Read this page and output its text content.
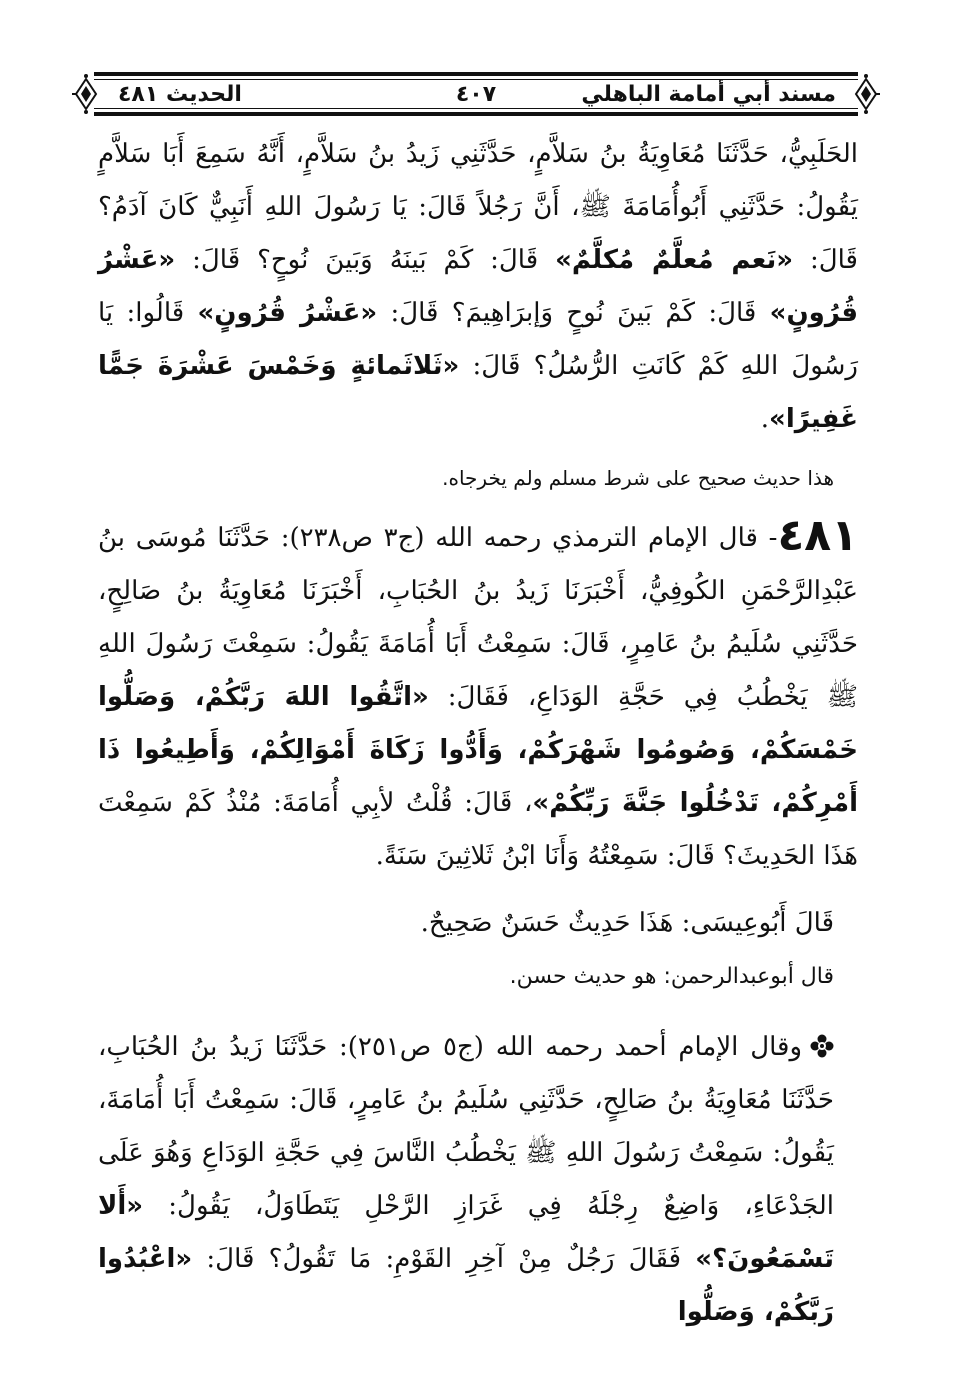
مسند أبي أمامة الباهلي
٤٠٧
الحديث ٤٨١

الحَلَبِيُّ، حَدَّثَنَا مُعَاوِيَةُ بنُ سَلاَّمٍ، حَدَّثَنِي زَيدُ بنُ سَلاَّمٍ، أَنَّهُ سَمِعَ أَبَا سَلاَّمٍ يَقُولُ: حَدَّثَنِي أَبُوأُمَامَةَ ﷺ، أَنَّ رَجُلاً قَالَ: يَا رَسُولَ اللهِ أَنَبِيٌّ كَانَ آدَمُ؟ قَالَ: «نَعم مُعلَّمٌ مُكلَّمٌ» قَالَ: كَمْ بَينَهُ وَبَينَ نُوحٍ؟ قَالَ: «عَشْرُ قُرُونٍ» قَالَ: كَمْ بَينَ نُوحٍ وَإبرَاهِيمَ؟ قَالَ: «عَشْرُ قُرُونٍ» قَالُوا: يَا رَسُولَ اللهِ كَمْ كَانَتِ الرُّسُلُ؟ قَالَ: «ثَلاثَمائةٍ وَخَمْسَ عَشْرَةَ جَمًّا غَفِيرًا».

هذا حديث صحيح على شرط مسلم ولم يخرجاه.

٤٨١- قال الإمام الترمذي رحمه الله (ج٣ ص٢٣٨): حَدَّثَنَا مُوسَى بنُ عَبْدِالرَّحْمَنِ الكُوفِيُّ، أَخْبَرَنَا زَيدُ بنُ الحُبَابِ، أَخْبَرَنَا مُعَاوِيَةُ بنُ صَالِحٍ، حَدَّثَنِي سُلَيمُ بنُ عَامِرٍ، قَالَ: سَمِعْتُ أَبَا أُمَامَةَ يَقُولُ: سَمِعْتَ رَسُولَ اللهِ ﷺ يَخْطُبُ فِي حَجَّةِ الوَدَاعِ، فَقَالَ: «اتَّقُوا اللهَ رَبَّكُمْ، وَصَلُّوا خَمْسَكُمْ، وَصُومُوا شَهْرَكُمْ، وَأَدُّوا زَكَاةَ أَمْوَالِكُمْ، وَأَطِيعُوا ذَا أَمْرِكُمْ، تَدْخُلُوا جَنَّةَ رَبِّكُمْ»، قَالَ: قُلْتُ لأبِي أُمَامَةَ: مُنْذُ كَمْ سَمِعْتَ هَذَا الحَدِيثَ؟ قَالَ: سَمِعْتُهُ وَأَنَا ابْنُ ثَلاثِينَ سَنَةً.

قَالَ أَبُوعِيسَى: هَذَا حَدِيثٌ حَسَنٌ صَحِيحٌ.

قال أبوعبدالرحمن: هو حديث حسن.

وقال الإمام أحمد رحمه الله (ج٥ ص٢٥١): حَدَّثَنَا زَيدُ بنُ الحُبَابِ، حَدَّثَنَا مُعَاوِيَةُ بنُ صَالِحٍ، حَدَّثَنِي سُلَيمُ بنُ عَامِرٍ، قَالَ: سَمِعْتُ أَبَا أُمَامَةَ، يَقُولُ: سَمِعْتُ رَسُولَ اللهِ ﷺ يَخْطُبُ النَّاسَ فِي حَجَّةِ الوَدَاعِ وَهُوَ عَلَى الجَدْعَاءِ، وَاضِعٌ رِجْلَهُ فِي غَرَازِ الرَّحْلِ يَتَطَاوَلُ، يَقُولُ: «أَلا تَسْمَعُونَ؟» فَقَالَ رَجُلٌ مِنْ آخِرِ القَوْمِ: مَا تَقُولُ؟ قَالَ: «اعْبُدُوا رَبَّكُمْ، وَصَلُّوا
